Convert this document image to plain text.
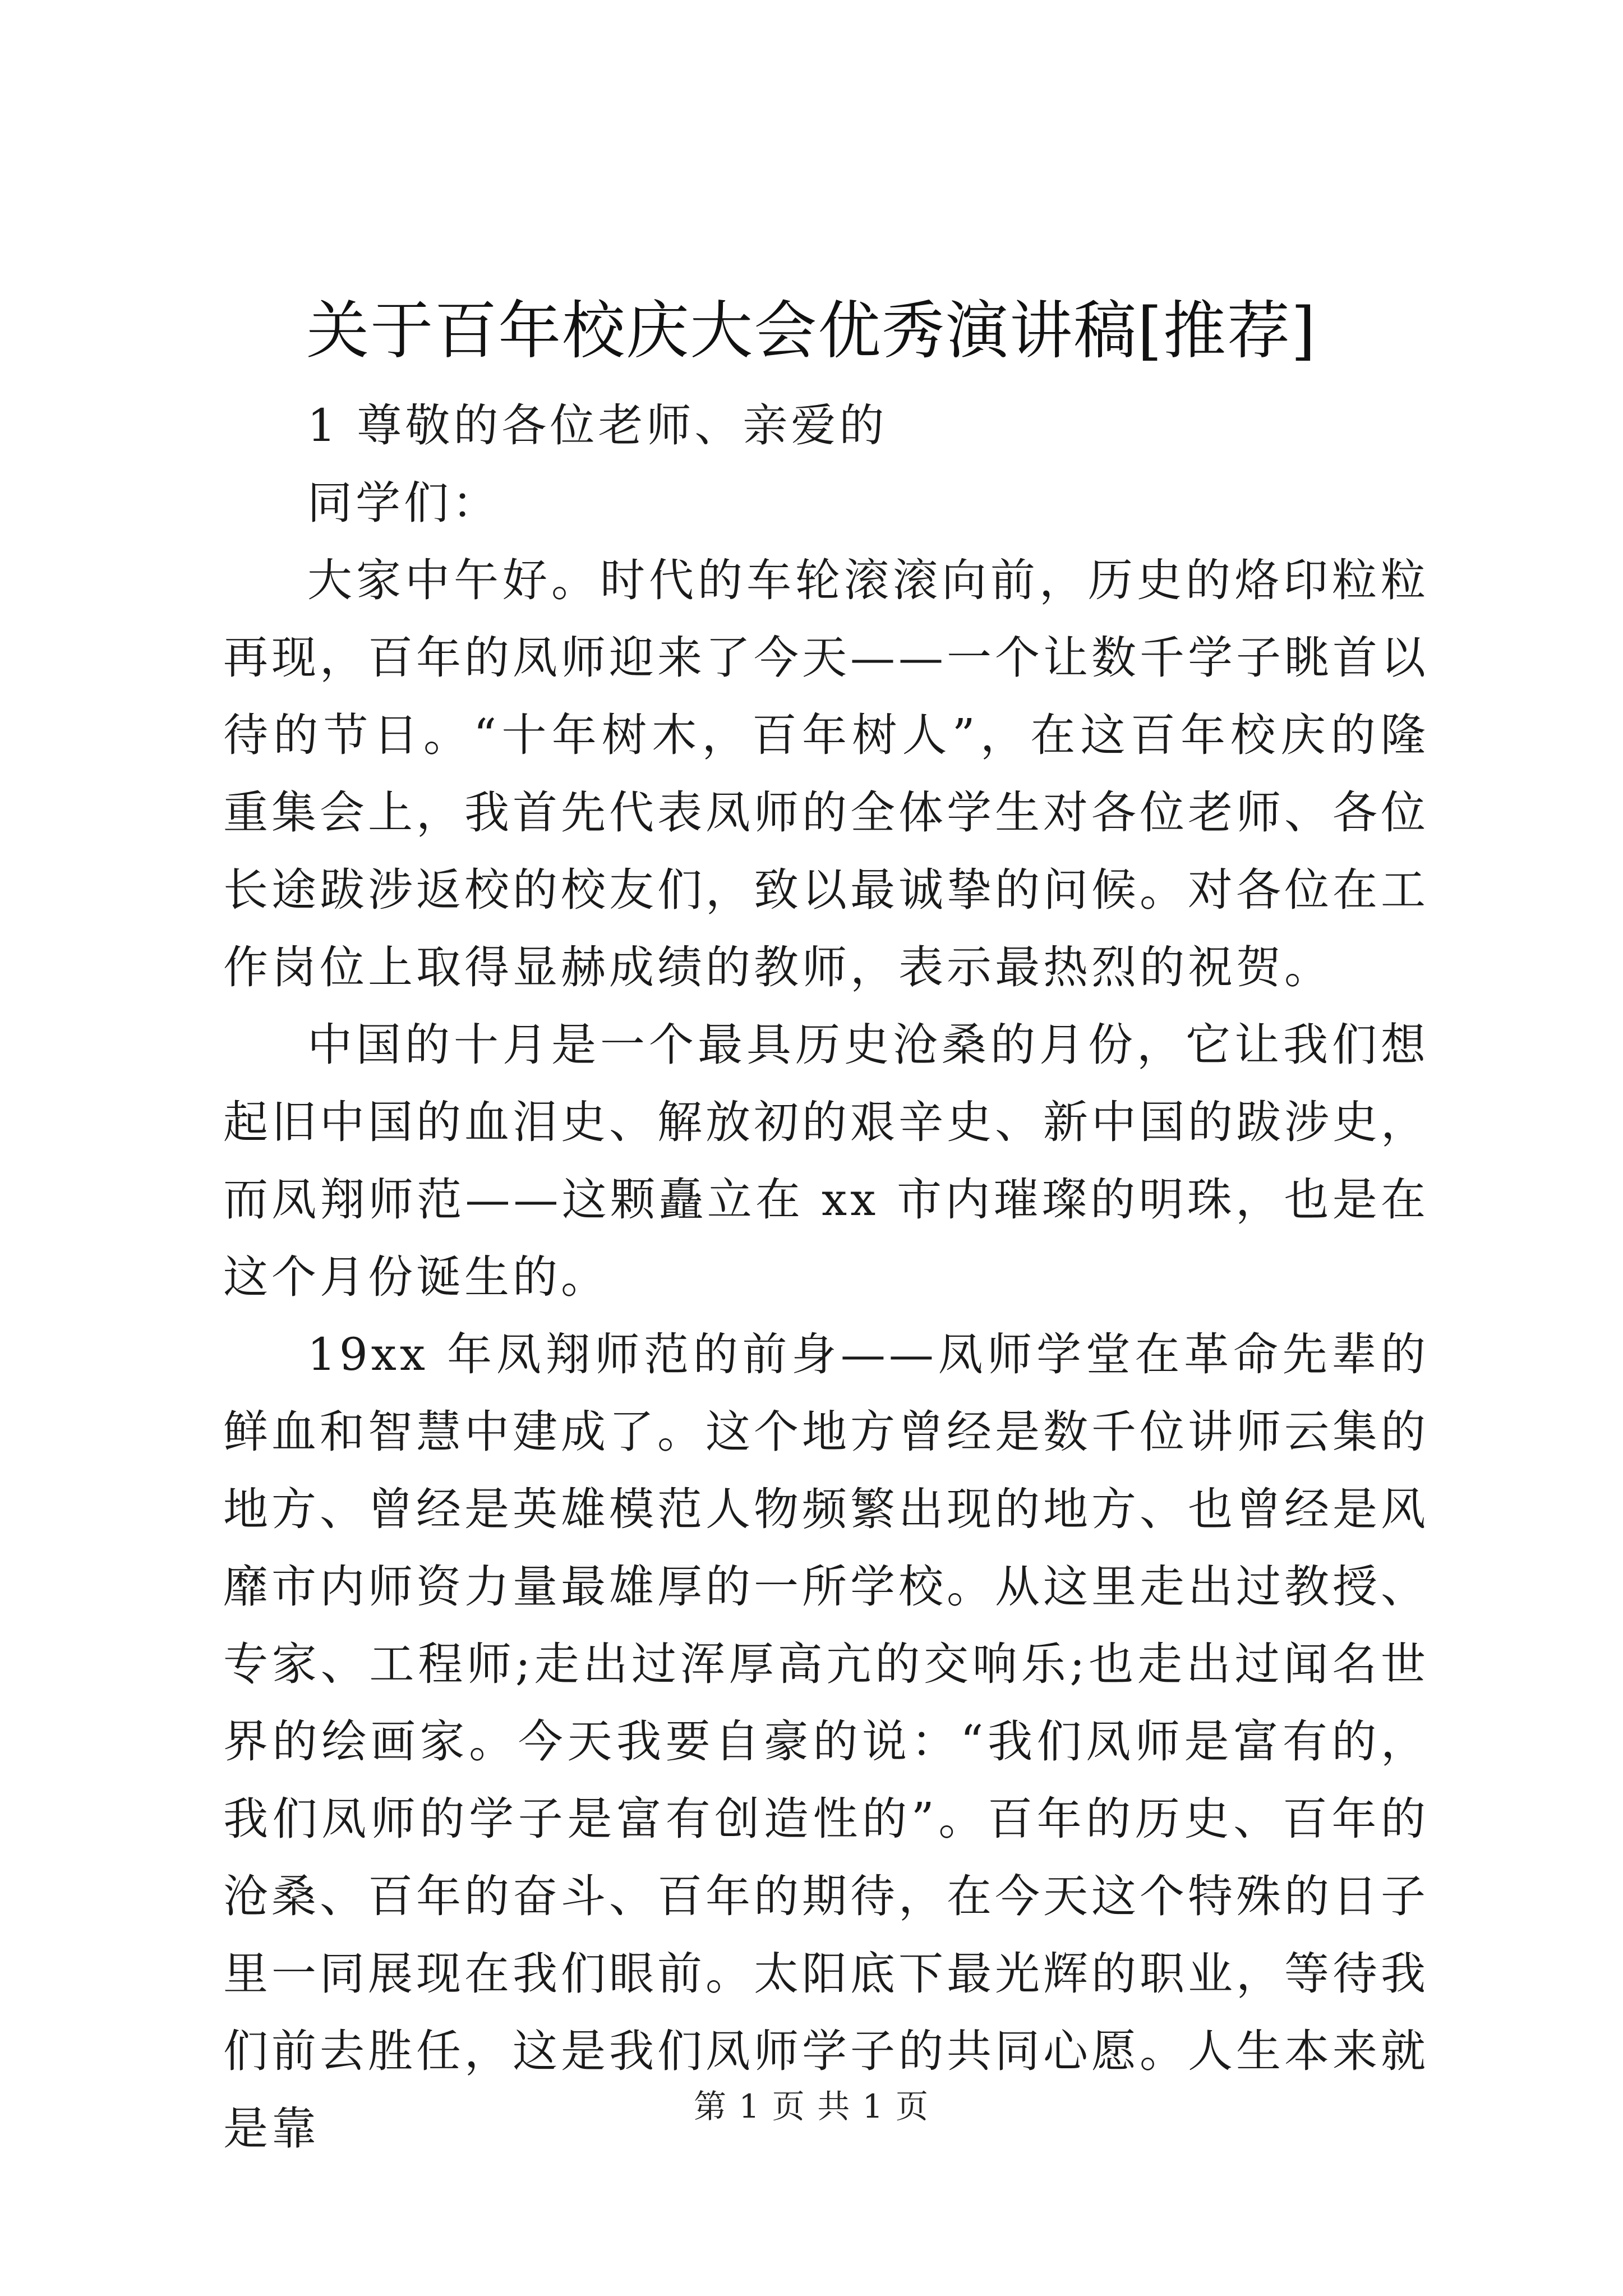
关于百年校庆大会优秀演讲稿[推荐]

1 尊敬的各位老师、亲爱的

同学们：

大家中午好。时代的车轮滚滚向前，历史的烙印粒粒再现，百年的凤师迎来了今天——一个让数千学子眺首以待的节日。“十年树木，百年树人”，在这百年校庆的隆重集会上，我首先代表凤师的全体学生对各位老师、各位长途跋涉返校的校友们，致以最诚挚的问候。对各位在工作岗位上取得显赫成绩的教师，表示最热烈的祝贺。

中国的十月是一个最具历史沧桑的月份，它让我们想起旧中国的血泪史、解放初的艰辛史、新中国的跋涉史，而凤翔师范——这颗矗立在 xx 市内璀璨的明珠，也是在这个月份诞生的。

19xx 年凤翔师范的前身——凤师学堂在革命先辈的鲜血和智慧中建成了。这个地方曾经是数千位讲师云集的地方、曾经是英雄模范人物频繁出现的地方、也曾经是风靡市内师资力量最雄厚的一所学校。从这里走出过教授、专家、工程师;走出过浑厚高亢的交响乐;也走出过闻名世界的绘画家。今天我要自豪的说：“我们凤师是富有的，我们凤师的学子是富有创造性的”。百年的历史、百年的沧桑、百年的奋斗、百年的期待，在今天这个特殊的日子里一同展现在我们眼前。太阳底下最光辉的职业，等待我们前去胜任，这是我们凤师学子的共同心愿。人生本来就是靠	第 1 页 共 1 页
